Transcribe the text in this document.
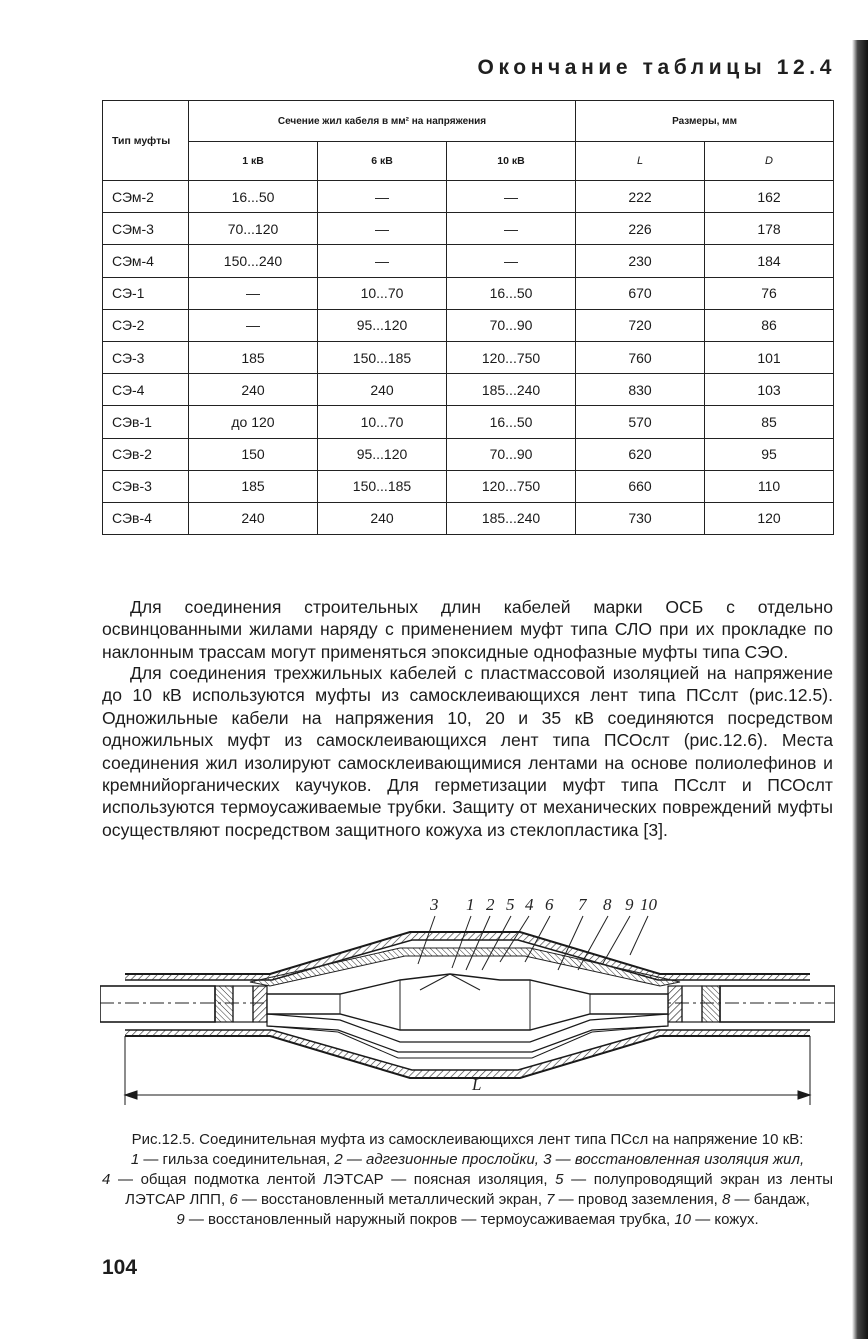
Окончание таблицы 12.4
Тип муфты	Сечение жил кабеля в мм² на напряжения			Размеры, мм	
	1 кВ	6 кВ	10 кВ	L	D
СЭм-2	16...50	—	—	222	162
СЭм-3	70...120	—	—	226	178
СЭм-4	150...240	—	—	230	184
СЭ-1	—	10...70	16...50	670	76
СЭ-2	—	95...120	70...90	720	86
СЭ-3	185	150...185	120...750	760	101
СЭ-4	240	240	185...240	830	103
СЭв-1	до 120	10...70	16...50	570	85
СЭв-2	150	95...120	70...90	620	95
СЭв-3	185	150...185	120...750	660	110
СЭв-4	240	240	185...240	730	120
Для соединения строительных длин кабелей марки ОСБ с отдельно освинцованными жилами наряду с применением муфт типа СЛО при их прокладке по наклонным трассам могут применяться эпоксидные однофазные муфты типа СЭО.
Для соединения трехжильных кабелей с пластмассовой изоляцией на напряжение до 10 кВ используются муфты из самосклеивающихся лент типа ПСслт (рис.12.5). Одножильные кабели на напряжения 10, 20 и 35 кВ соединяются посредством одножильных муфт из самосклеивающихся лент типа ПСОслт (рис.12.6). Места соединения жил изолируют самосклеивающимися лентами на основе полиолефинов и кремнийорганических каучуков. Для герметизации муфт типа ПСслт и ПСОслт используются термоусаживаемые трубки. Защиту от механических повреждений муфты осуществляют посредством защитного кожуха из стеклопластика [3].
3 1 2 5 4 6 7 8 9 10
L
Рис.12.5. Соединительная муфта из самосклеивающихся лент типа ПСсл на напряжение 10 кВ:
1 — гильза соединительная, 2 — адгезионные прослойки, 3 — восстановленная изоляция жил,
4 — общая подмотка лентой ЛЭТСАР — поясная изоляция, 5 — полупроводящий экран из ленты ЛЭТСАР ЛПП, 6 — восстановленный металлический экран, 7 — провод заземления, 8 — бандаж,
9 — восстановленный наружный покров — термоусаживаемая трубка, 10 — кожух.
104
